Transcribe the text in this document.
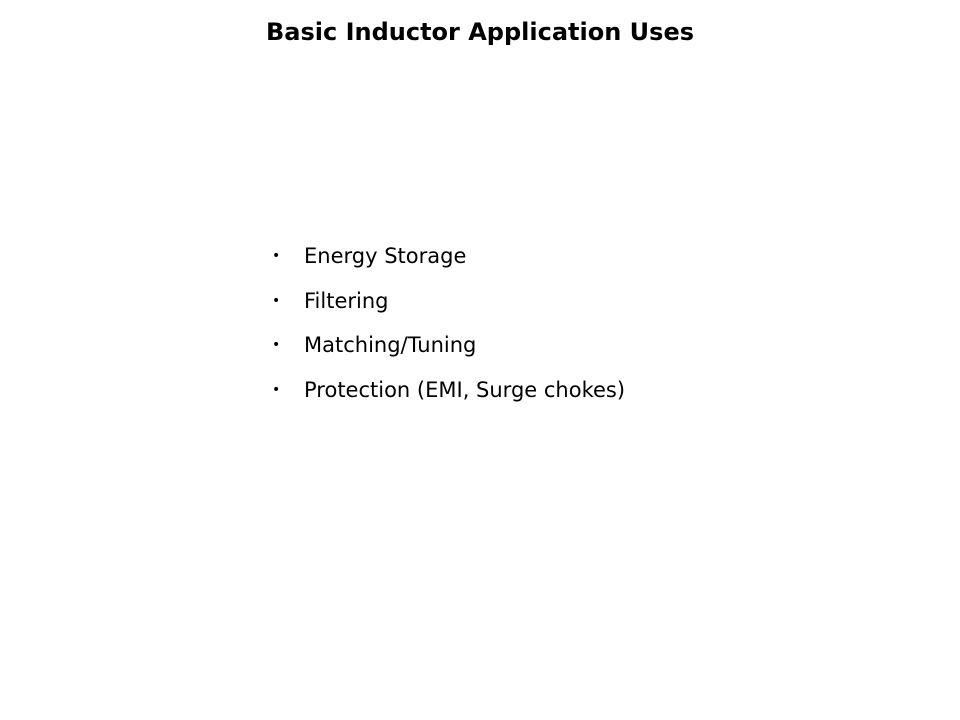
Basic Inductor Application Uses
•	Energy Storage
•	Filtering
•	Matching/Tuning
•	Protection (EMI, Surge chokes)
